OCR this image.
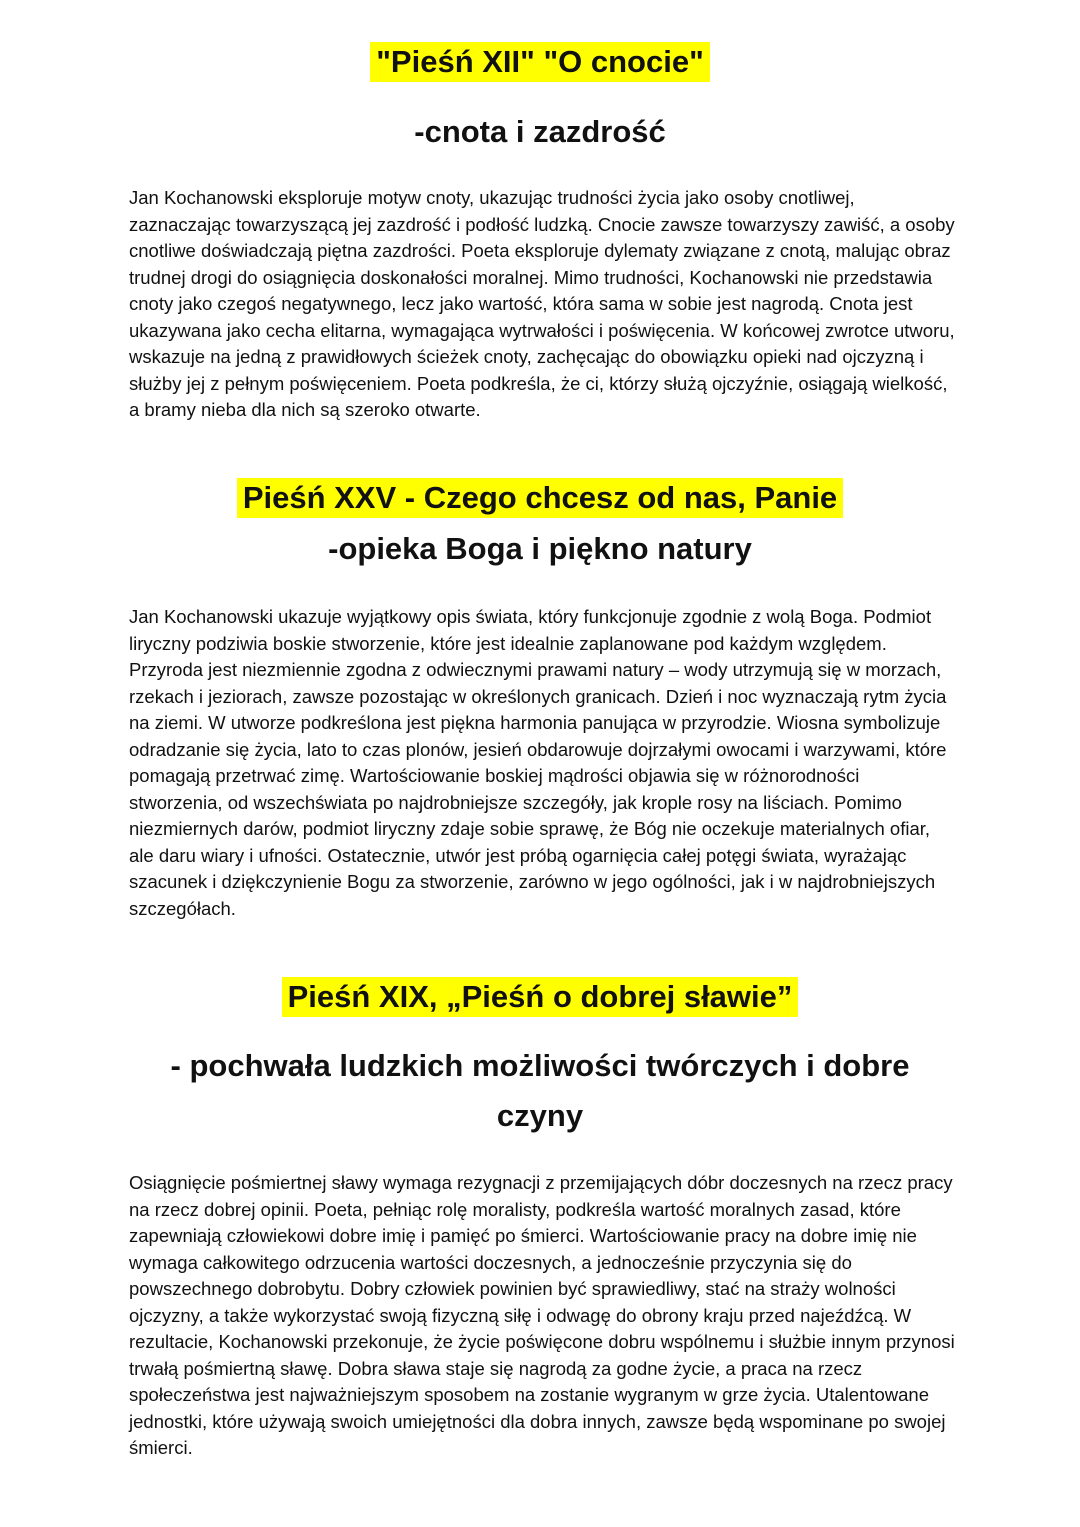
"Pieśń XII" "O cnocie"
-cnota i zazdrość
Jan Kochanowski eksploruje motyw cnoty, ukazując trudności życia jako osoby cnotliwej, zaznaczając towarzyszącą jej zazdrość i podłość ludzką. Cnocie zawsze towarzyszy zawiść, a osoby cnotliwe doświadczają piętna zazdrości. Poeta eksploruje dylematy związane z cnotą, malując obraz trudnej drogi do osiągnięcia doskonałości moralnej. Mimo trudności, Kochanowski nie przedstawia cnoty jako czegoś negatywnego, lecz jako wartość, która sama w sobie jest nagrodą. Cnota jest ukazywana jako cecha elitarna, wymagająca wytrwałości i poświęcenia. W końcowej zwrotce utworu, wskazuje na jedną z prawidłowych ścieżek cnoty, zachęcając do obowiązku opieki nad ojczyzną i służby jej z pełnym poświęceniem. Poeta podkreśla, że ci, którzy służą ojczyźnie, osiągają wielkość, a bramy nieba dla nich są szeroko otwarte.
Pieśń XXV - Czego chcesz od nas, Panie
-opieka Boga i piękno natury
Jan Kochanowski ukazuje wyjątkowy opis świata, który funkcjonuje zgodnie z wolą Boga. Podmiot liryczny podziwia boskie stworzenie, które jest idealnie zaplanowane pod każdym względem. Przyroda jest niezmiennie zgodna z odwiecznymi prawami natury – wody utrzymują się w morzach, rzekach i jeziorach, zawsze pozostając w określonych granicach. Dzień i noc wyznaczają rytm życia na ziemi. W utworze podkreślona jest piękna harmonia panująca w przyrodzie. Wiosna symbolizuje odradzanie się życia, lato to czas plonów, jesień obdarowuje dojrzałymi owocami i warzywami, które pomagają przetrwać zimę. Wartościowanie boskiej mądrości objawia się w różnorodności stworzenia, od wszechświata po najdrobniejsze szczegóły, jak krople rosy na liściach. Pomimo niezmiernych darów, podmiot liryczny zdaje sobie sprawę, że Bóg nie oczekuje materialnych ofiar, ale daru wiary i ufności. Ostatecznie, utwór jest próbą ogarnięcia całej potęgi świata, wyrażając szacunek i dziękczynienie Bogu za stworzenie, zarówno w jego ogólności, jak i w najdrobniejszych szczegółach.
Pieśń XIX, „Pieśń o dobrej sławie”
- pochwała ludzkich możliwości twórczych i dobre czyny
Osiągnięcie pośmiertnej sławy wymaga rezygnacji z przemijających dóbr doczesnych na rzecz pracy na rzecz dobrej opinii. Poeta, pełniąc rolę moralisty, podkreśla wartość moralnych zasad, które zapewniają człowiekowi dobre imię i pamięć po śmierci. Wartościowanie pracy na dobre imię nie wymaga całkowitego odrzucenia wartości doczesnych, a jednocześnie przyczynia się do powszechnego dobrobytu. Dobry człowiek powinien być sprawiedliwy, stać na straży wolności ojczyzny, a także wykorzystać swoją fizyczną siłę i odwagę do obrony kraju przed najeźdźcą. W rezultacie, Kochanowski przekonuje, że życie poświęcone dobru wspólnemu i służbie innym przynosi trwałą pośmiertną sławę. Dobra sława staje się nagrodą za godne życie, a praca na rzecz społeczeństwa jest najważniejszym sposobem na zostanie wygranym w grze życia. Utalentowane jednostki, które używają swoich umiejętności dla dobra innych, zawsze będą wspominane po swojej śmierci.
